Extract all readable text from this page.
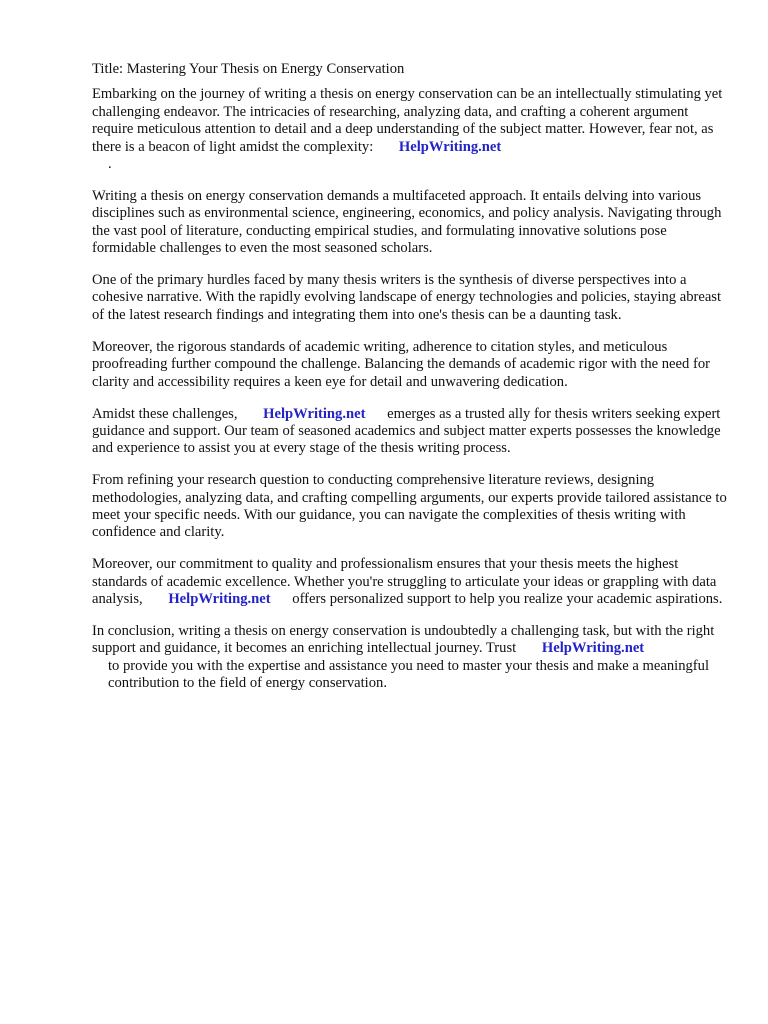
Title: Mastering Your Thesis on Energy Conservation

Embarking on the journey of writing a thesis on energy conservation can be an intellectually stimulating yet challenging endeavor. The intricacies of researching, analyzing data, and crafting a coherent argument require meticulous attention to detail and a deep understanding of the subject matter. However, fear not, as there is a beacon of light amidst the complexity: HelpWriting.net
.

Writing a thesis on energy conservation demands a multifaceted approach. It entails delving into various disciplines such as environmental science, engineering, economics, and policy analysis. Navigating through the vast pool of literature, conducting empirical studies, and formulating innovative solutions pose formidable challenges to even the most seasoned scholars.

One of the primary hurdles faced by many thesis writers is the synthesis of diverse perspectives into a cohesive narrative. With the rapidly evolving landscape of energy technologies and policies, staying abreast of the latest research findings and integrating them into one's thesis can be a daunting task.

Moreover, the rigorous standards of academic writing, adherence to citation styles, and meticulous proofreading further compound the challenge. Balancing the demands of academic rigor with the need for clarity and accessibility requires a keen eye for detail and unwavering dedication.

Amidst these challenges, HelpWriting.net emerges as a trusted ally for thesis writers seeking expert guidance and support. Our team of seasoned academics and subject matter experts possesses the knowledge and experience to assist you at every stage of the thesis writing process.

From refining your research question to conducting comprehensive literature reviews, designing methodologies, analyzing data, and crafting compelling arguments, our experts provide tailored assistance to meet your specific needs. With our guidance, you can navigate the complexities of thesis writing with confidence and clarity.

Moreover, our commitment to quality and professionalism ensures that your thesis meets the highest standards of academic excellence. Whether you're struggling to articulate your ideas or grappling with data analysis, HelpWriting.net offers personalized support to help you realize your academic aspirations.

In conclusion, writing a thesis on energy conservation is undoubtedly a challenging task, but with the right support and guidance, it becomes an enriching intellectual journey. Trust HelpWriting.net
to provide you with the expertise and assistance you need to master your thesis and make a meaningful contribution to the field of energy conservation.
